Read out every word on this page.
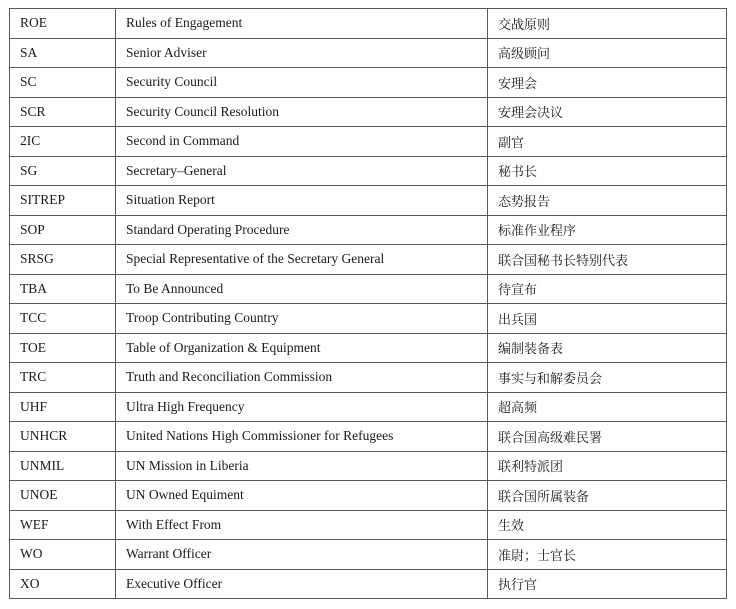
ROE	Rules of Engagement	交战原则
SA	Senior Adviser	高级顾问
SC	Security Council	安理会
SCR	Security Council Resolution	安理会决议
2IC	Second in Command	副官
SG	Secretary–General	秘书长
SITREP	Situation Report	态势报告
SOP	Standard Operating Procedure	标准作业程序
SRSG	Special Representative of the Secretary General	联合国秘书长特别代表
TBA	To Be Announced	待宣布
TCC	Troop Contributing Country	出兵国
TOE	Table of Organization & Equipment	编制装备表
TRC	Truth and Reconciliation Commission	事实与和解委员会
UHF	Ultra High Frequency	超高频
UNHCR	United Nations High Commissioner for Refugees	联合国高级难民署
UNMIL	UN Mission in Liberia	联利特派团
UNOE	UN Owned Equiment	联合国所属装备
WEF	With Effect From	生效
WO	Warrant Officer	准尉；士官长
XO	Executive Officer	执行官
